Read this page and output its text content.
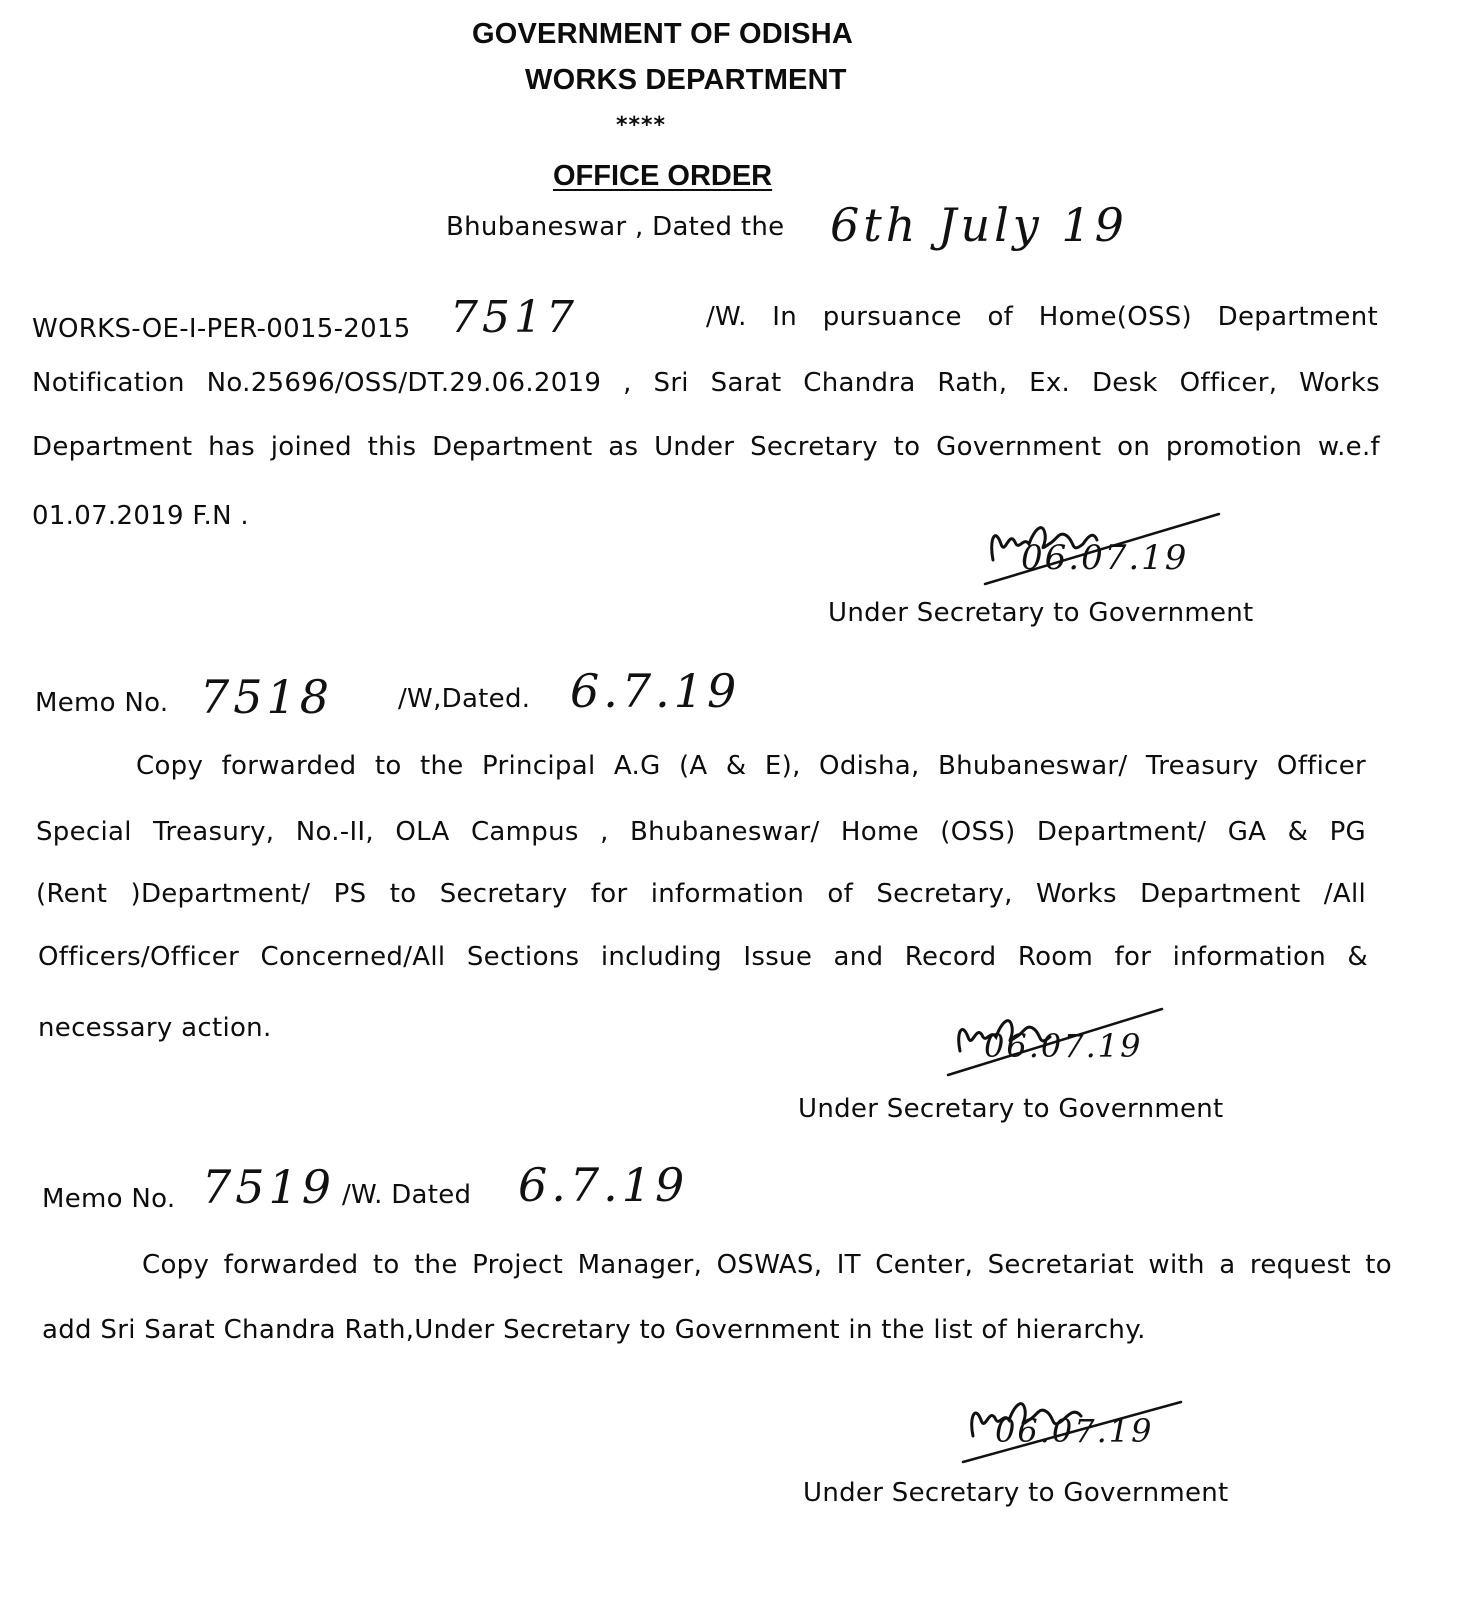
GOVERNMENT OF ODISHA
WORKS DEPARTMENT
****
OFFICE ORDER
Bhubaneswar , Dated the 6th July 19
WORKS-OE-I-PER-0015-2015 7517	/W. In pursuance of Home(OSS) Department
Notification No.25696/OSS/DT.29.06.2019 , Sri Sarat Chandra Rath, Ex. Desk Officer, Works
Department has joined this Department as Under Secretary to Government on promotion w.e.f
01.07.2019 F.N .
06.07.19
Under Secretary to Government
Memo No. 7518 /W,Dated. 6.7.19
Copy forwarded to the Principal A.G (A & E), Odisha, Bhubaneswar/ Treasury Officer
Special Treasury, No.-II, OLA Campus , Bhubaneswar/ Home (OSS) Department/ GA & PG
(Rent )Department/ PS to Secretary for information of Secretary, Works Department /All
Officers/Officer Concerned/All Sections including Issue and Record Room for information &
necessary action.	06.07.19
Under Secretary to Government
Memo No. 7519 /W. Dated 6.7.19
Copy forwarded to the Project Manager, OSWAS, IT Center, Secretariat with a request to
add Sri Sarat Chandra Rath,Under Secretary to Government in the list of hierarchy.
06.07.19
Under Secretary to Government
